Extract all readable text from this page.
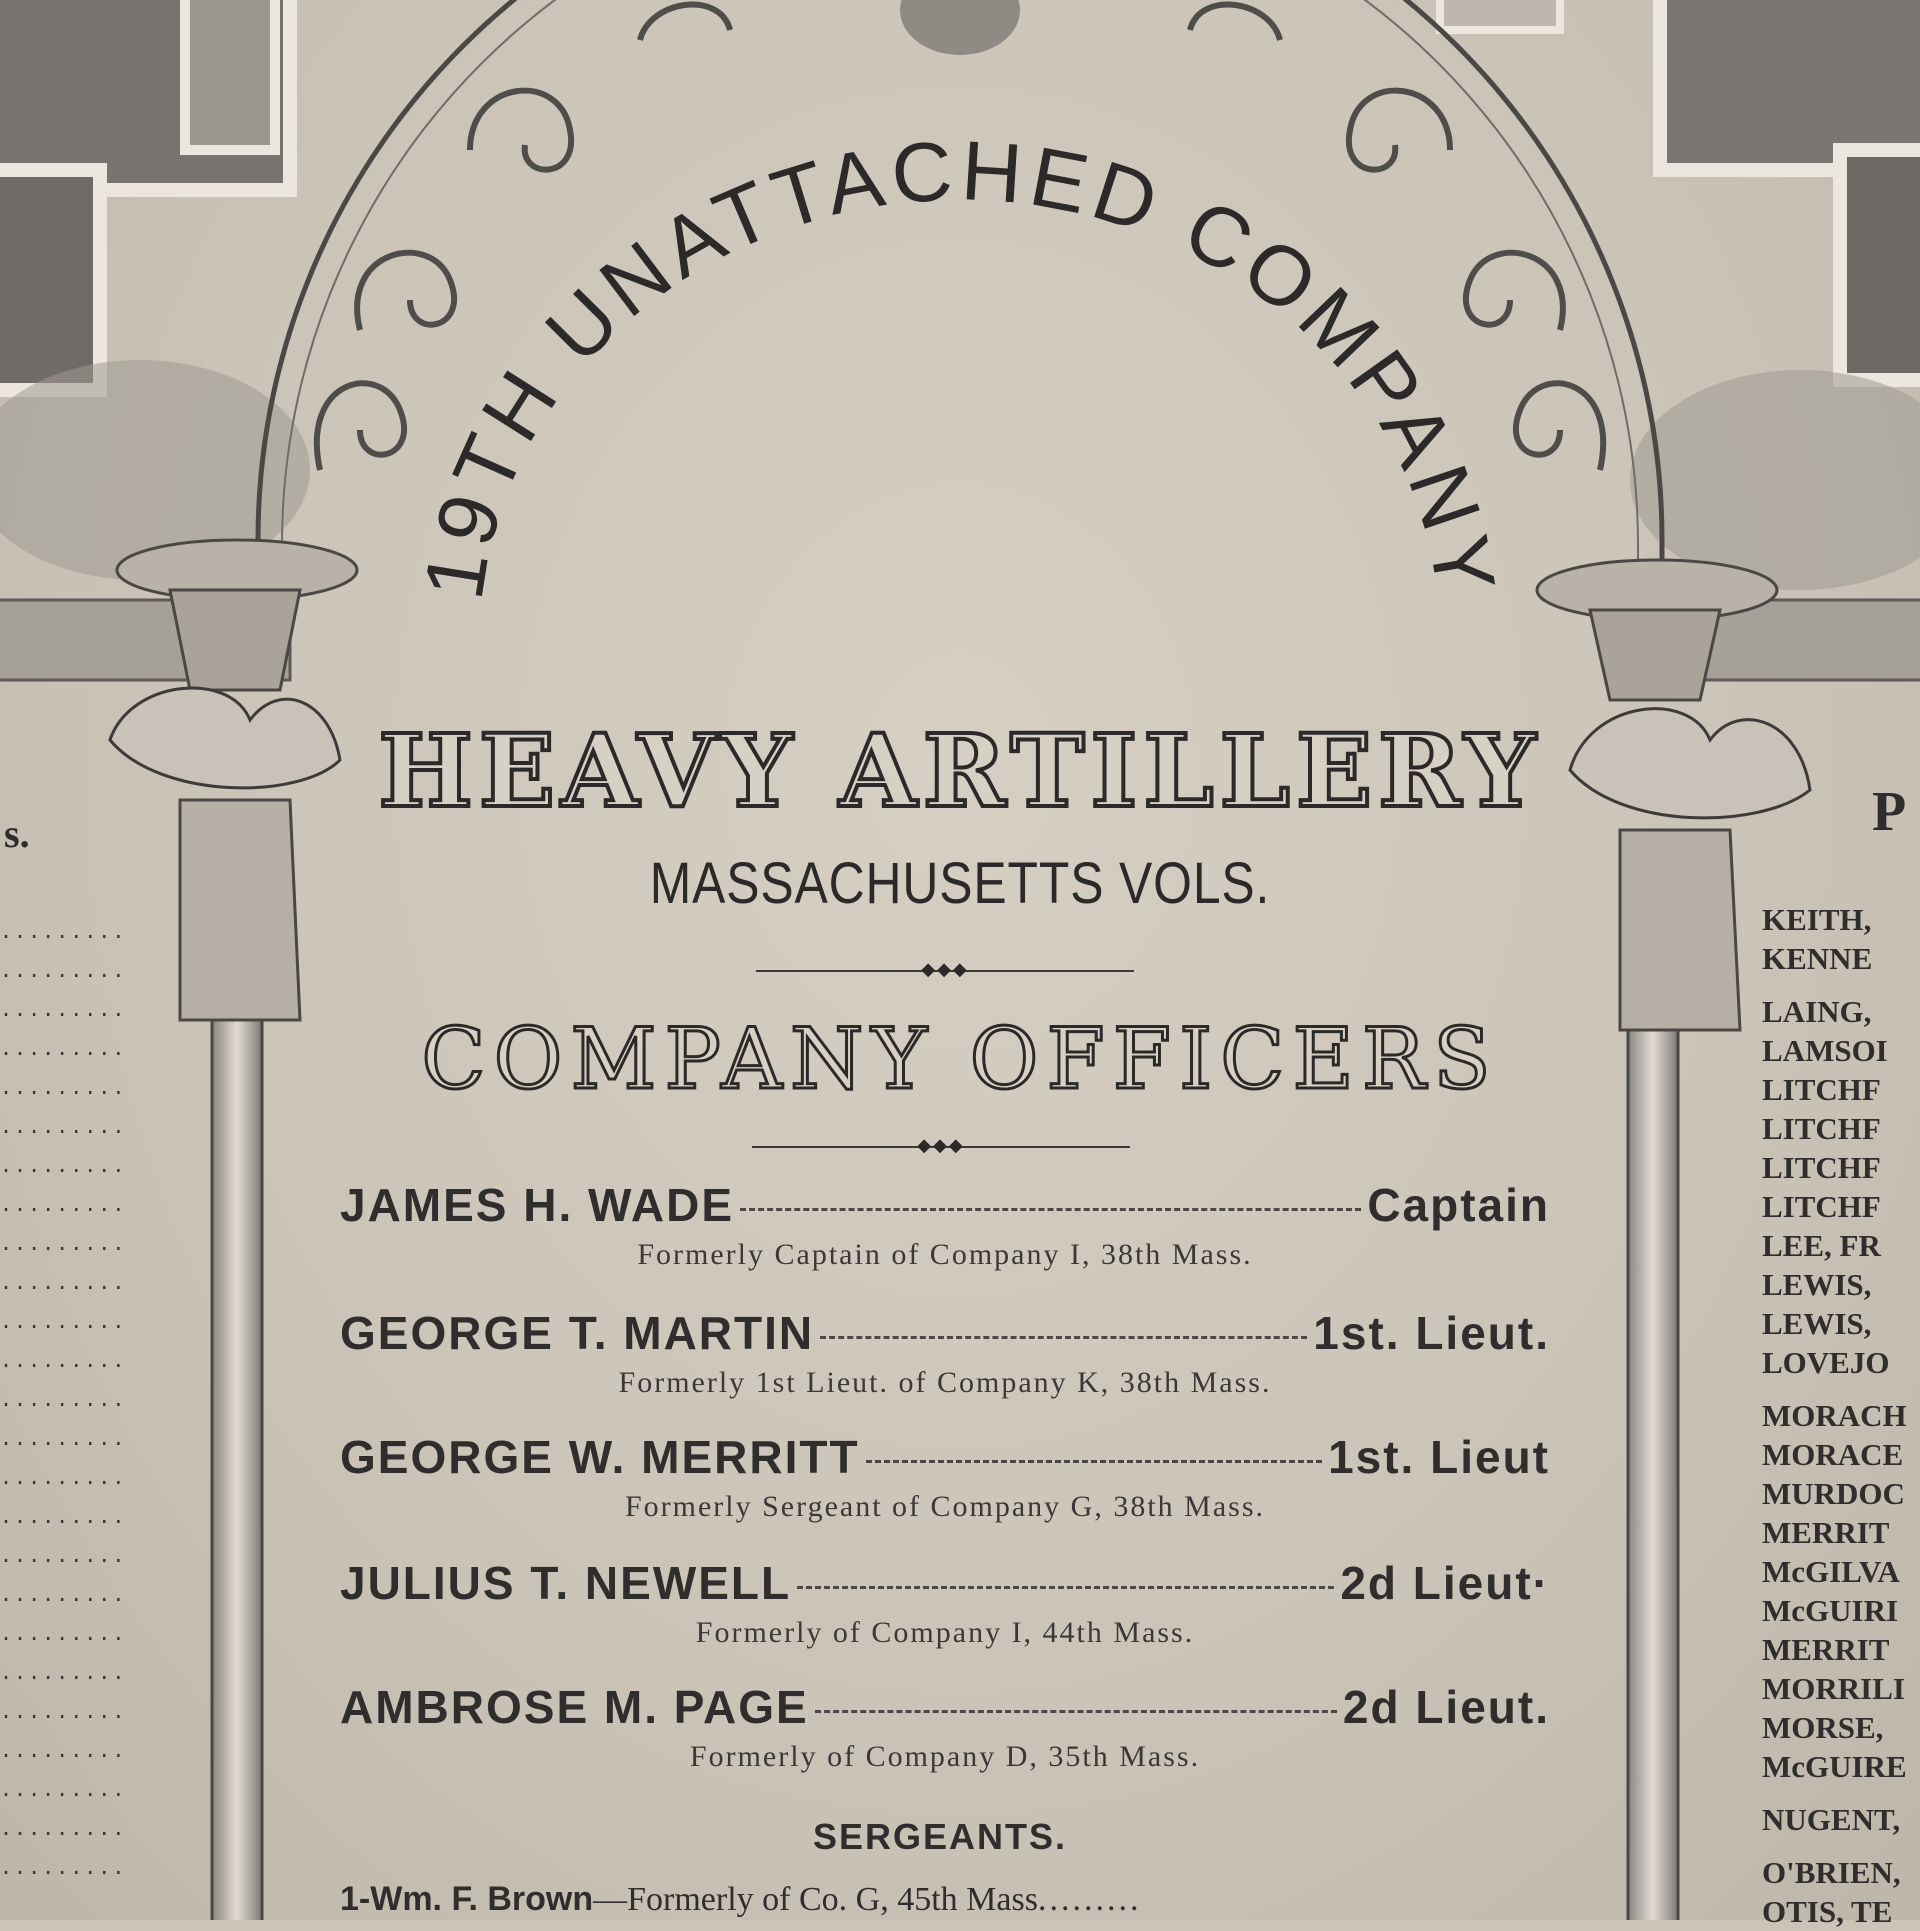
19TH UNATTACHED COMPANY
.........
.........
.........
.........
.........
.........
.........
.........
.........
.........
.........
.........
.........
.........
.........
.........
.........
.........
.........
.........
.........
.........
.........
.........
.........
s.	P
KEITH,
KENNE
LAING,
LAMSOI
LITCHF
LITCHF
LITCHF
LITCHF
LEE, FR
LEWIS,
LEWIS,
LOVEJO
MORACH
MORACE
MURDOC
MERRIT
McGILVA
McGUIRI
MERRIT
MORRILI
MORSE,
McGUIRE
NUGENT,
O'BRIEN,
OTIS, TE
HEAVY ARTILLERY
MASSACHUSETTS VOLS.
◆◆◆
COMPANY OFFICERS
◆◆◆
JAMES H. WADE	Captain
Formerly Captain of Company I, 38th Mass.
GEORGE T. MARTIN	1st. Lieut.
Formerly 1st Lieut. of Company K, 38th Mass.
GEORGE W. MERRITT	1st. Lieut
Formerly Sergeant of Company G, 38th Mass.
JULIUS T. NEWELL	2d Lieut·
Formerly of Company I, 44th Mass.
AMBROSE M. PAGE	2d Lieut.
Formerly of Company D, 35th Mass.
SERGEANTS.
1-Wm. F. Brown—Formerly of Co. G, 45th Mass.........
